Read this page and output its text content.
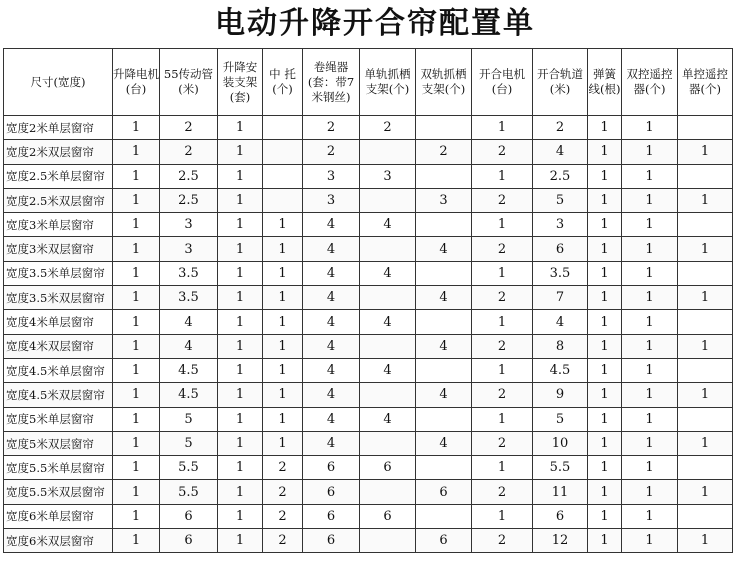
电动升降开合帘配置单
尺寸(宽度)	升降电机(台)	55传动管(米)	升降安装支架(套)	中 托(个)	卷绳器(套：带7米钢丝)	单轨抓栖支架(个)	双轨抓栖支架(个)	开合电机(台)	开合轨道(米)	弹簧线(根)	双控遥控器(个)	单控遥控器(个)
宽度2米单层窗帘	1	2	1		2	2		1	2	1	1	
宽度2米双层窗帘	1	2	1		2		2	2	4	1	1	1
宽度2.5米单层窗帘	1	2.5	1		3	3		1	2.5	1	1	
宽度2.5米双层窗帘	1	2.5	1		3		3	2	5	1	1	1
宽度3米单层窗帘	1	3	1	1	4	4		1	3	1	1	
宽度3米双层窗帘	1	3	1	1	4		4	2	6	1	1	1
宽度3.5米单层窗帘	1	3.5	1	1	4	4		1	3.5	1	1	
宽度3.5米双层窗帘	1	3.5	1	1	4		4	2	7	1	1	1
宽度4米单层窗帘	1	4	1	1	4	4		1	4	1	1	
宽度4米双层窗帘	1	4	1	1	4		4	2	8	1	1	1
宽度4.5米单层窗帘	1	4.5	1	1	4	4		1	4.5	1	1	
宽度4.5米双层窗帘	1	4.5	1	1	4		4	2	9	1	1	1
宽度5米单层窗帘	1	5	1	1	4	4		1	5	1	1	
宽度5米双层窗帘	1	5	1	1	4		4	2	10	1	1	1
宽度5.5米单层窗帘	1	5.5	1	2	6	6		1	5.5	1	1	
宽度5.5米双层窗帘	1	5.5	1	2	6		6	2	11	1	1	1
宽度6米单层窗帘	1	6	1	2	6	6		1	6	1	1	
宽度6米双层窗帘	1	6	1	2	6		6	2	12	1	1	1
